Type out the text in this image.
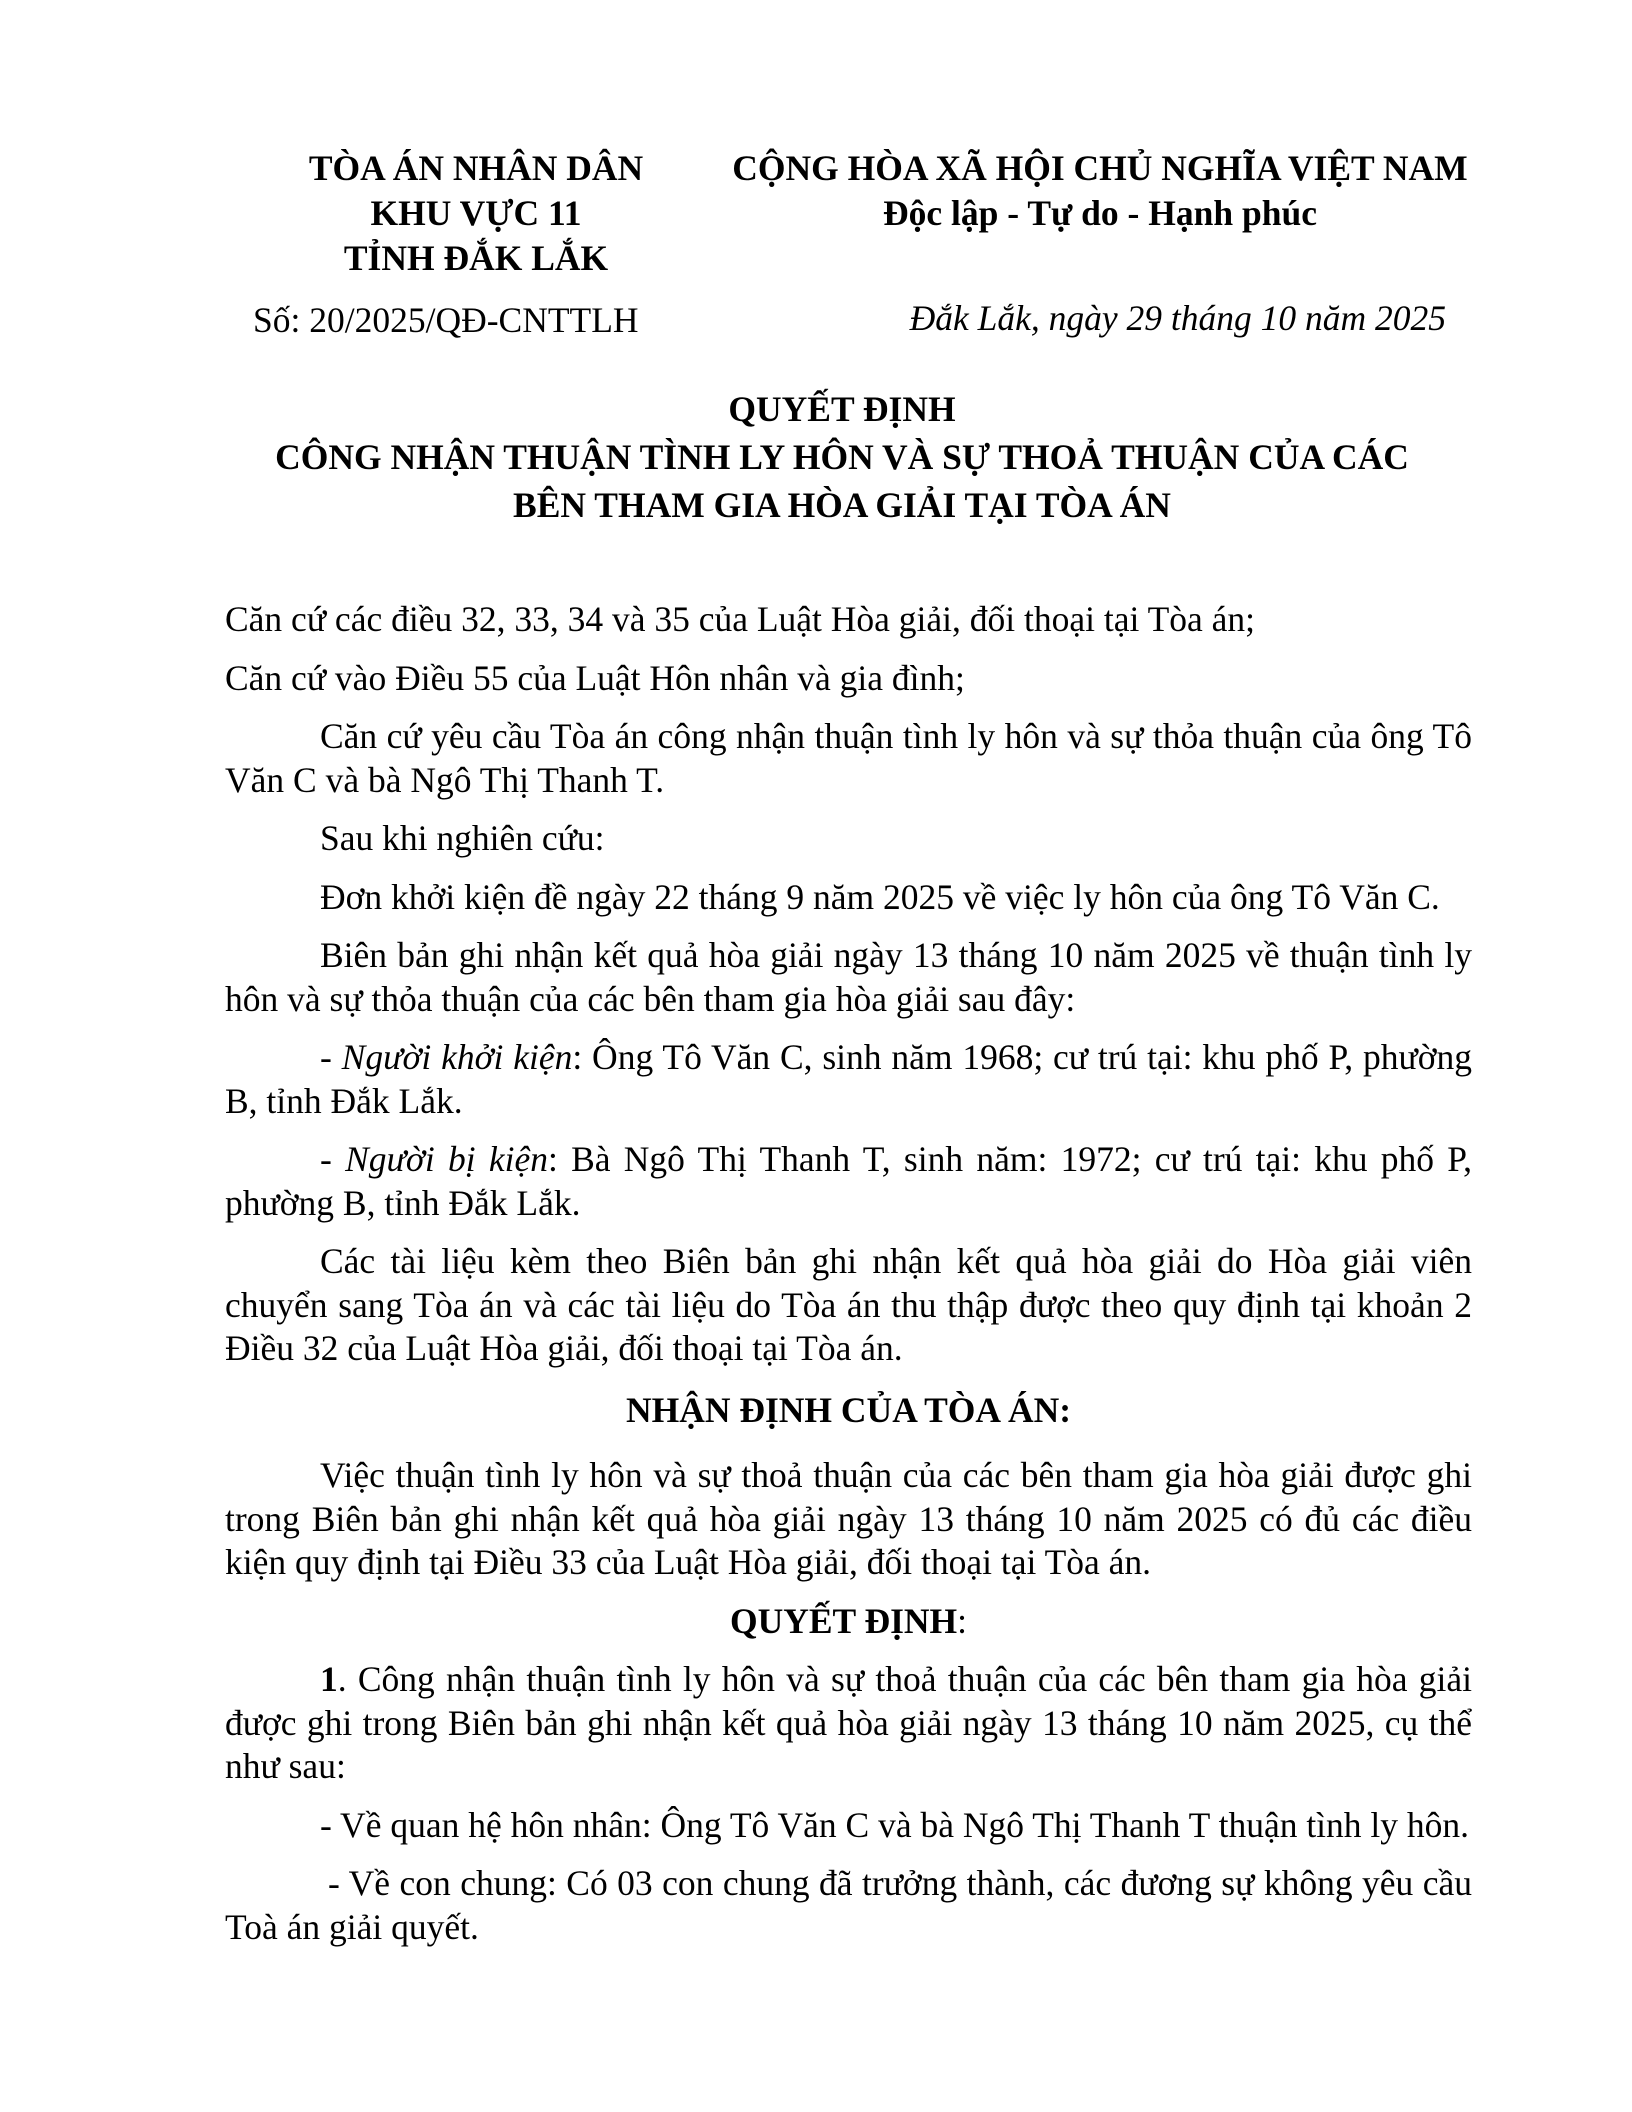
TÒA ÁN NHÂN DÂN
KHU VỰC 11
TỈNH ĐẮK LẮK
CỘNG HÒA XÃ HỘI CHỦ NGHĨA VIỆT NAM
Độc lập - Tự do - Hạnh phúc
Số: 20/2025/QĐ-CNTTLH	Đắk Lắk, ngày 29 tháng 10 năm 2025
QUYẾT ĐỊNH
CÔNG NHẬN THUẬN TÌNH LY HÔN VÀ SỰ THOẢ THUẬN CỦA CÁC
BÊN THAM GIA HÒA GIẢI TẠI TÒA ÁN

Căn cứ các điều 32, 33, 34 và 35 của Luật Hòa giải, đối thoại tại Tòa án;

Căn cứ vào Điều 55 của Luật Hôn nhân và gia đình;

Căn cứ yêu cầu Tòa án công nhận thuận tình ly hôn và sự thỏa thuận của ông Tô Văn C và bà Ngô Thị Thanh T.

Sau khi nghiên cứu:

Đơn khởi kiện đề ngày 22 tháng 9 năm 2025 về việc ly hôn của ông Tô Văn C.

Biên bản ghi nhận kết quả hòa giải ngày 13 tháng 10 năm 2025 về thuận tình ly hôn và sự thỏa thuận của các bên tham gia hòa giải sau đây:

- Người khởi kiện: Ông Tô Văn C, sinh năm 1968; cư trú tại: khu phố P, phường B, tỉnh Đắk Lắk.

- Người bị kiện: Bà Ngô Thị Thanh T, sinh năm: 1972; cư trú tại: khu phố P, phường B, tỉnh Đắk Lắk.

Các tài liệu kèm theo Biên bản ghi nhận kết quả hòa giải do Hòa giải viên chuyển sang Tòa án và các tài liệu do Tòa án thu thập được theo quy định tại khoản 2 Điều 32 của Luật Hòa giải, đối thoại tại Tòa án.

NHẬN ĐỊNH CỦA TÒA ÁN:

Việc thuận tình ly hôn và sự thoả thuận của các bên tham gia hòa giải được ghi trong Biên bản ghi nhận kết quả hòa giải ngày 13 tháng 10 năm 2025 có đủ các điều kiện quy định tại Điều 33 của Luật Hòa giải, đối thoại tại Tòa án.

QUYẾT ĐỊNH:

1. Công nhận thuận tình ly hôn và sự thoả thuận của các bên tham gia hòa giải được ghi trong Biên bản ghi nhận kết quả hòa giải ngày 13 tháng 10 năm 2025, cụ thể như sau:

- Về quan hệ hôn nhân: Ông Tô Văn C và bà Ngô Thị Thanh T thuận tình ly hôn.

- Về con chung: Có 03 con chung đã trưởng thành, các đương sự không yêu cầu Toà án giải quyết.
